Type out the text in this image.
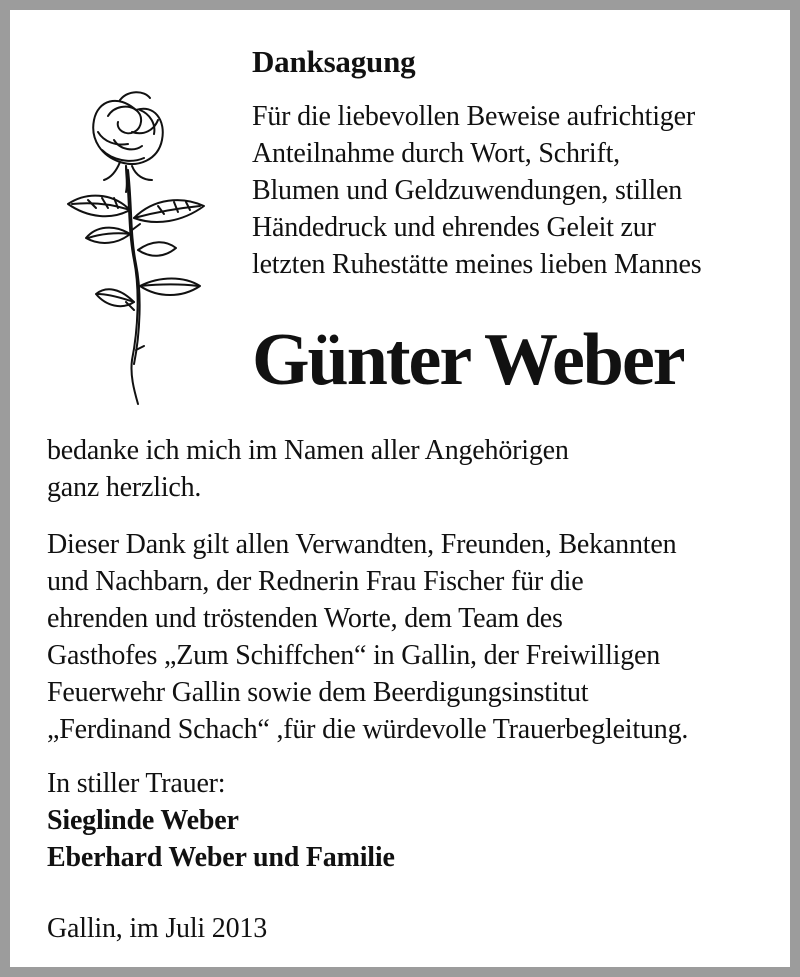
Danksagung
Für die liebevollen Beweise aufrichtiger
Anteilnahme durch Wort, Schrift,
Blumen und Geldzuwendungen, stillen
Händedruck und ehrendes Geleit zur
letzten Ruhestätte meines lieben Mannes
Günter Weber
bedanke ich mich im Namen aller Angehörigen
ganz herzlich.
Dieser Dank gilt allen Verwandten, Freunden, Bekannten
und Nachbarn, der Rednerin Frau Fischer für die
ehrenden und tröstenden Worte, dem Team des
Gasthofes „Zum Schiffchen“ in Gallin, der Freiwilligen
Feuerwehr Gallin sowie dem Beerdigungsinstitut
„Ferdinand Schach“ ,für die würdevolle Trauerbegleitung.
In stiller Trauer:
Sieglinde Weber
Eberhard Weber und Familie
Gallin, im Juli 2013
